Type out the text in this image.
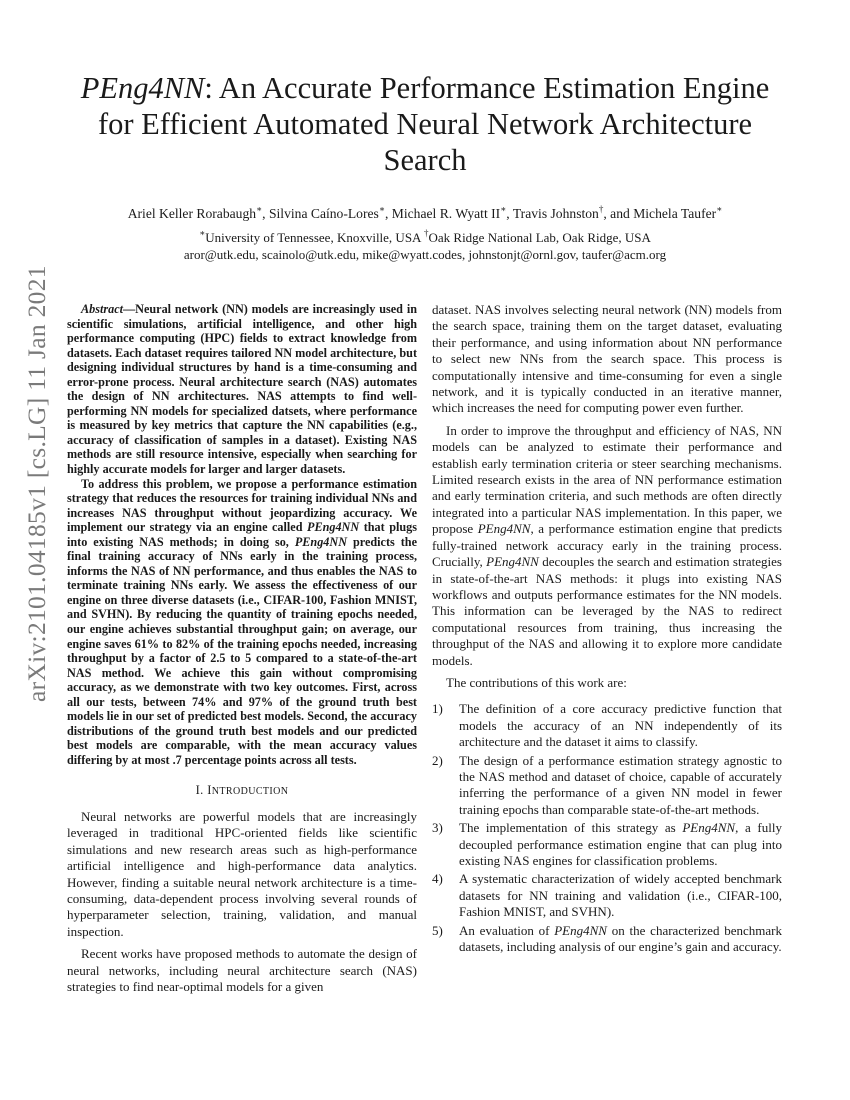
arXiv:2101.04185v1 [cs.LG] 11 Jan 2021
PEng4NN: An Accurate Performance Estimation Engine for Efficient Automated Neural Network Architecture Search
Ariel Keller Rorabaugh∗, Silvina Caíno-Lores∗, Michael R. Wyatt II∗, Travis Johnston†, and Michela Taufer∗
∗University of Tennessee, Knoxville, USA †Oak Ridge National Lab, Oak Ridge, USA
aror@utk.edu, scainolo@utk.edu, mike@wyatt.codes, johnstonjt@ornl.gov, taufer@acm.org

Abstract—Neural network (NN) models are increasingly used in scientific simulations, artificial intelligence, and other high performance computing (HPC) fields to extract knowledge from datasets. Each dataset requires tailored NN model architecture, but designing individual structures by hand is a time-consuming and error-prone process. Neural architecture search (NAS) automates the design of NN architectures. NAS attempts to find well-performing NN models for specialized datsets, where performance is measured by key metrics that capture the NN capabilities (e.g., accuracy of classification of samples in a dataset). Existing NAS methods are still resource intensive, especially when searching for highly accurate models for larger and larger datasets.

To address this problem, we propose a performance estimation strategy that reduces the resources for training individual NNs and increases NAS throughput without jeopardizing accuracy. We implement our strategy via an engine called PEng4NN that plugs into existing NAS methods; in doing so, PEng4NN predicts the final training accuracy of NNs early in the training process, informs the NAS of NN performance, and thus enables the NAS to terminate training NNs early. We assess the effectiveness of our engine on three diverse datasets (i.e., CIFAR-100, Fashion MNIST, and SVHN). By reducing the quantity of training epochs needed, our engine achieves substantial throughput gain; on average, our engine saves 61% to 82% of the training epochs needed, increasing throughput by a factor of 2.5 to 5 compared to a state-of-the-art NAS method. We achieve this gain without compromising accuracy, as we demonstrate with two key outcomes. First, across all our tests, between 74% and 97% of the ground truth best models lie in our set of predicted best models. Second, the accuracy distributions of the ground truth best models and our predicted best models are comparable, with the mean accuracy values differing by at most .7 percentage points across all tests.

I. INTRODUCTION

Neural networks are powerful models that are increasingly leveraged in traditional HPC-oriented fields like scientific simulations and new research areas such as high-performance artificial intelligence and high-performance data analytics. However, finding a suitable neural network architecture is a time-consuming, data-dependent process involving several rounds of hyperparameter selection, training, validation, and manual inspection.

Recent works have proposed methods to automate the design of neural networks, including neural architecture search (NAS) strategies to find near-optimal models for a given

dataset. NAS involves selecting neural network (NN) models from the search space, training them on the target dataset, evaluating their performance, and using information about NN performance to select new NNs from the search space. This process is computationally intensive and time-consuming for even a single network, and it is typically conducted in an iterative manner, which increases the need for computing power even further.

In order to improve the throughput and efficiency of NAS, NN models can be analyzed to estimate their performance and establish early termination criteria or steer searching mechanisms. Limited research exists in the area of NN performance estimation and early termination criteria, and such methods are often directly integrated into a particular NAS implementation. In this paper, we propose PEng4NN, a performance estimation engine that predicts fully-trained network accuracy early in the training process. Crucially, PEng4NN decouples the search and estimation strategies in state-of-the-art NAS methods: it plugs into existing NAS workflows and outputs performance estimates for the NN models. This information can be leveraged by the NAS to redirect computational resources from training, thus increasing the throughput of the NAS and allowing it to explore more candidate models.

The contributions of this work are:

1) The definition of a core accuracy predictive function that models the accuracy of an NN independently of its architecture and the dataset it aims to classify.
2) The design of a performance estimation strategy agnostic to the NAS method and dataset of choice, capable of accurately inferring the performance of a given NN model in fewer training epochs than comparable state-of-the-art methods.
3) The implementation of this strategy as PEng4NN, a fully decoupled performance estimation engine that can plug into existing NAS engines for classification problems.
4) A systematic characterization of widely accepted benchmark datasets for NN training and validation (i.e., CIFAR-100, Fashion MNIST, and SVHN).
5) An evaluation of PEng4NN on the characterized benchmark datasets, including analysis of our engine’s gain and accuracy.
